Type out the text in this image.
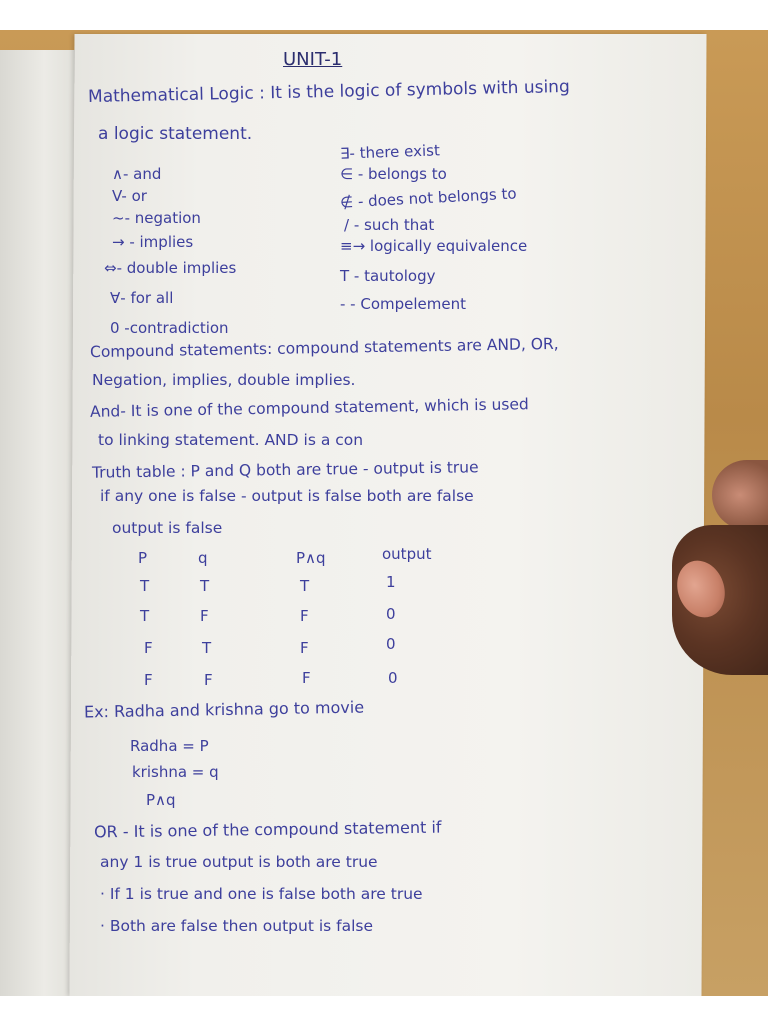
UNIT-1
Mathematical Logic : It is the logic of symbols with using
a logic statement.
∧- and
V- or
~- negation
→ - implies
⇔- double implies
∀- for all
0 -contradiction
∃- there exist
∈ - belongs to
∉ - does not belongs to
/ - such that
≡→ logically equivalence
T - tautology
- - Compelement
Compound statements: compound statements are AND, OR,
Negation, implies, double implies.
And- It is one of the compound statement, which is used
to linking statement. AND is a con
Truth table : P and Q both are true - output is true
if any one is false - output is false both are false
output is false
P	q	P∧q	output
T	T	T	1
T	F	F	0
F	T	F	0
F	F	F	0
Ex: Radha and krishna go to movie
Radha = P
krishna = q
P∧q
OR - It is one of the compound statement if
any 1 is true output is both are true
· If 1 is true and one is false both are true
· Both are false then output is false
